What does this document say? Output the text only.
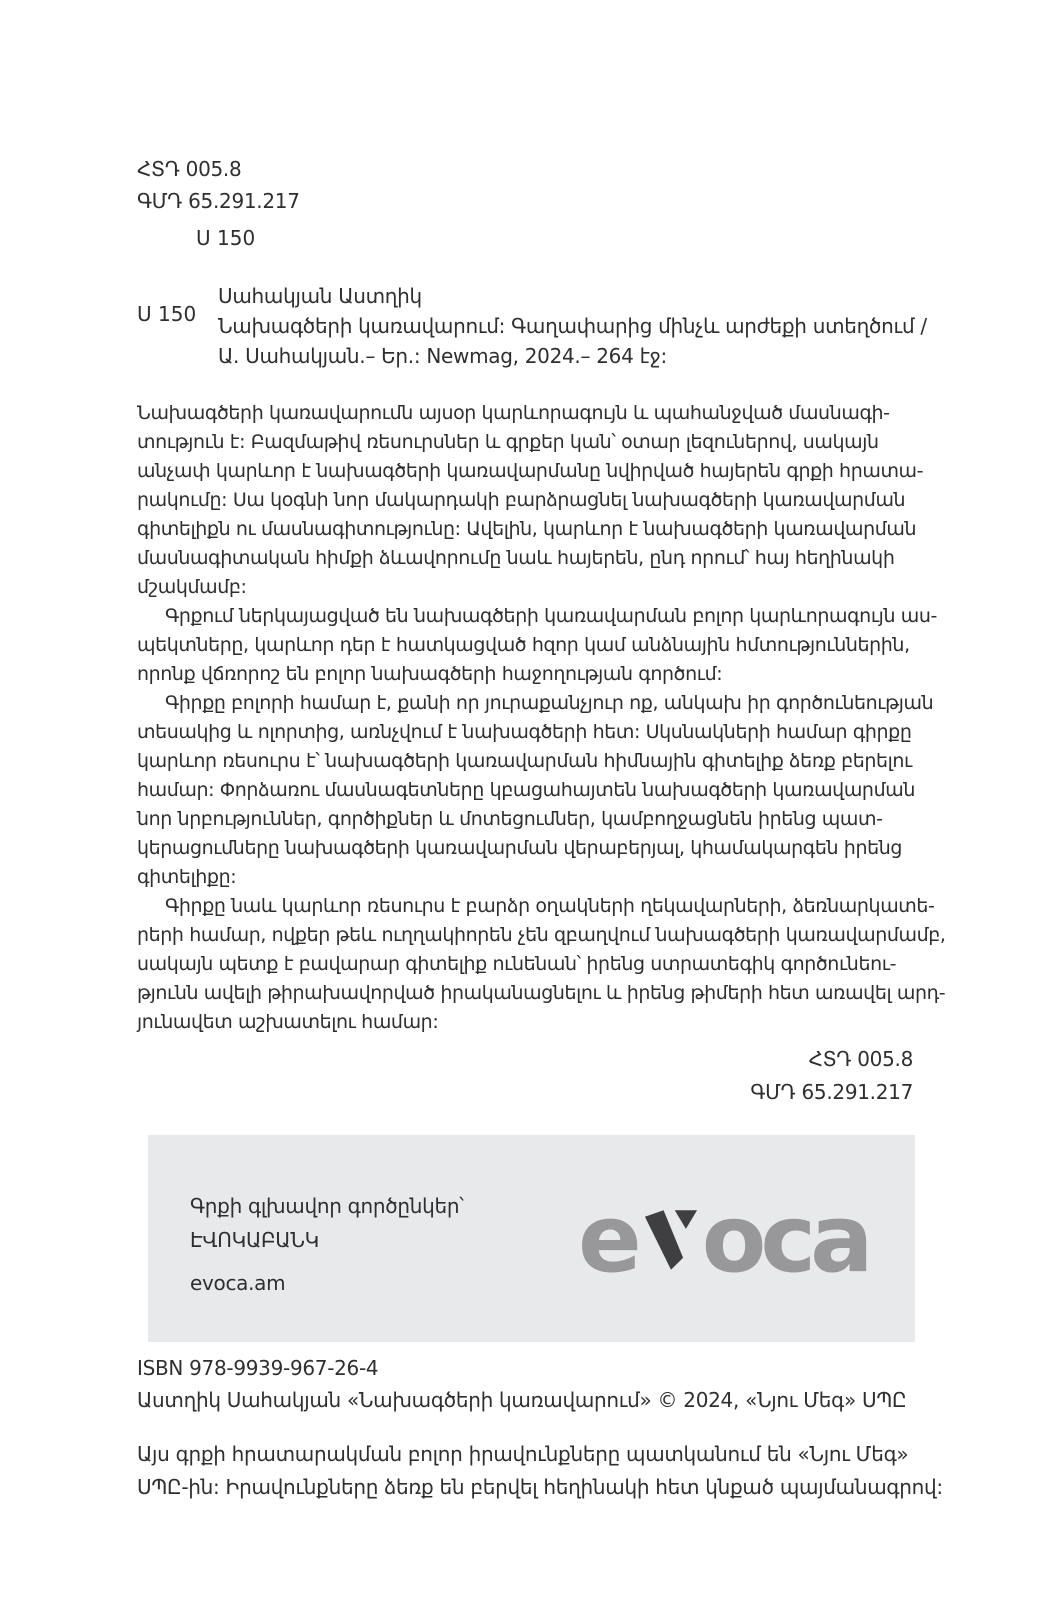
ՀՏԴ 005.8
ԳՄԴ 65.291.217
Ս 150
Ս 150
Սահակյան Աստղիկ
Նախագծերի կառավարում: Գաղափարից մինչև արժեքի ստեղծում /
Ա. Սահակյան.– Եր.: Newmag, 2024.– 264 էջ:

Նախագծերի կառավարումն այսօր կարևորագույն և պահանջված մասնագի-
տություն է: Բազմաթիվ ռեսուրսներ և գրքեր կան՝ օտար լեզուներով, սակայն
անչափ կարևոր է նախագծերի կառավարմանը նվիրված հայերեն գրքի հրատա-
րակումը: Սա կօգնի նոր մակարդակի բարձրացնել նախագծերի կառավարման
գիտելիքն ու մասնագիտությունը: Ավելին, կարևոր է նախագծերի կառավարման
մասնագիտական հիմքի ձևավորումը նաև հայերեն, ընդ որում՝ հայ հեղինակի
մշակմամբ:

Գրքում ներկայացված են նախագծերի կառավարման բոլոր կարևորագույն աս-
պեկտները, կարևոր դեր է հատկացված հզոր կամ անձնային հմտություններին,
որոնք վճռորոշ են բոլոր նախագծերի հաջողության գործում:

Գիրքը բոլորի համար է, քանի որ յուրաքանչյուր ոք, անկախ իր գործունեության
տեսակից և ոլորտից, առնչվում է նախագծերի հետ: Սկսնակների համար գիրքը
կարևոր ռեսուրս է՝ նախագծերի կառավարման հիմնային գիտելիք ձեռք բերելու
համար: Փորձառու մասնագետները կբացահայտեն նախագծերի կառավարման
նոր նրբություններ, գործիքներ և մոտեցումներ, կամբողջացնեն իրենց պատ-
կերացումները նախագծերի կառավարման վերաբերյալ, կհամակարգեն իրենց
գիտելիքը:

Գիրքը նաև կարևոր ռեսուրս է բարձր օղակների ղեկավարների, ձեռնարկատե-
րերի համար, ովքեր թեև ուղղակիորեն չեն զբաղվում նախագծերի կառավարմամբ,
սակայն պետք է բավարար գիտելիք ունենան՝ իրենց ստրատեգիկ գործունեու-
թյունն ավելի թիրախավորված իրականացնելու և իրենց թիմերի հետ առավել արդ-
յունավետ աշխատելու համար:

ՀՏԴ 005.8
ԳՄԴ 65.291.217
Գրքի գլխավոր գործընկեր՝
ԷՎՈԿԱԲԱՆԿ
evoca.am	e oca
ISBN 978-9939-967-26-4
Աստղիկ Սահակյան «Նախագծերի կառավարում» © 2024, «Նյու Մեգ» ՍՊԸ
Այս գրքի հրատարակման բոլոր իրավունքները պատկանում են «Նյու Մեգ»
ՍՊԸ-ին: Իրավունքները ձեռք են բերվել հեղինակի հետ կնքած պայմանագրով:
